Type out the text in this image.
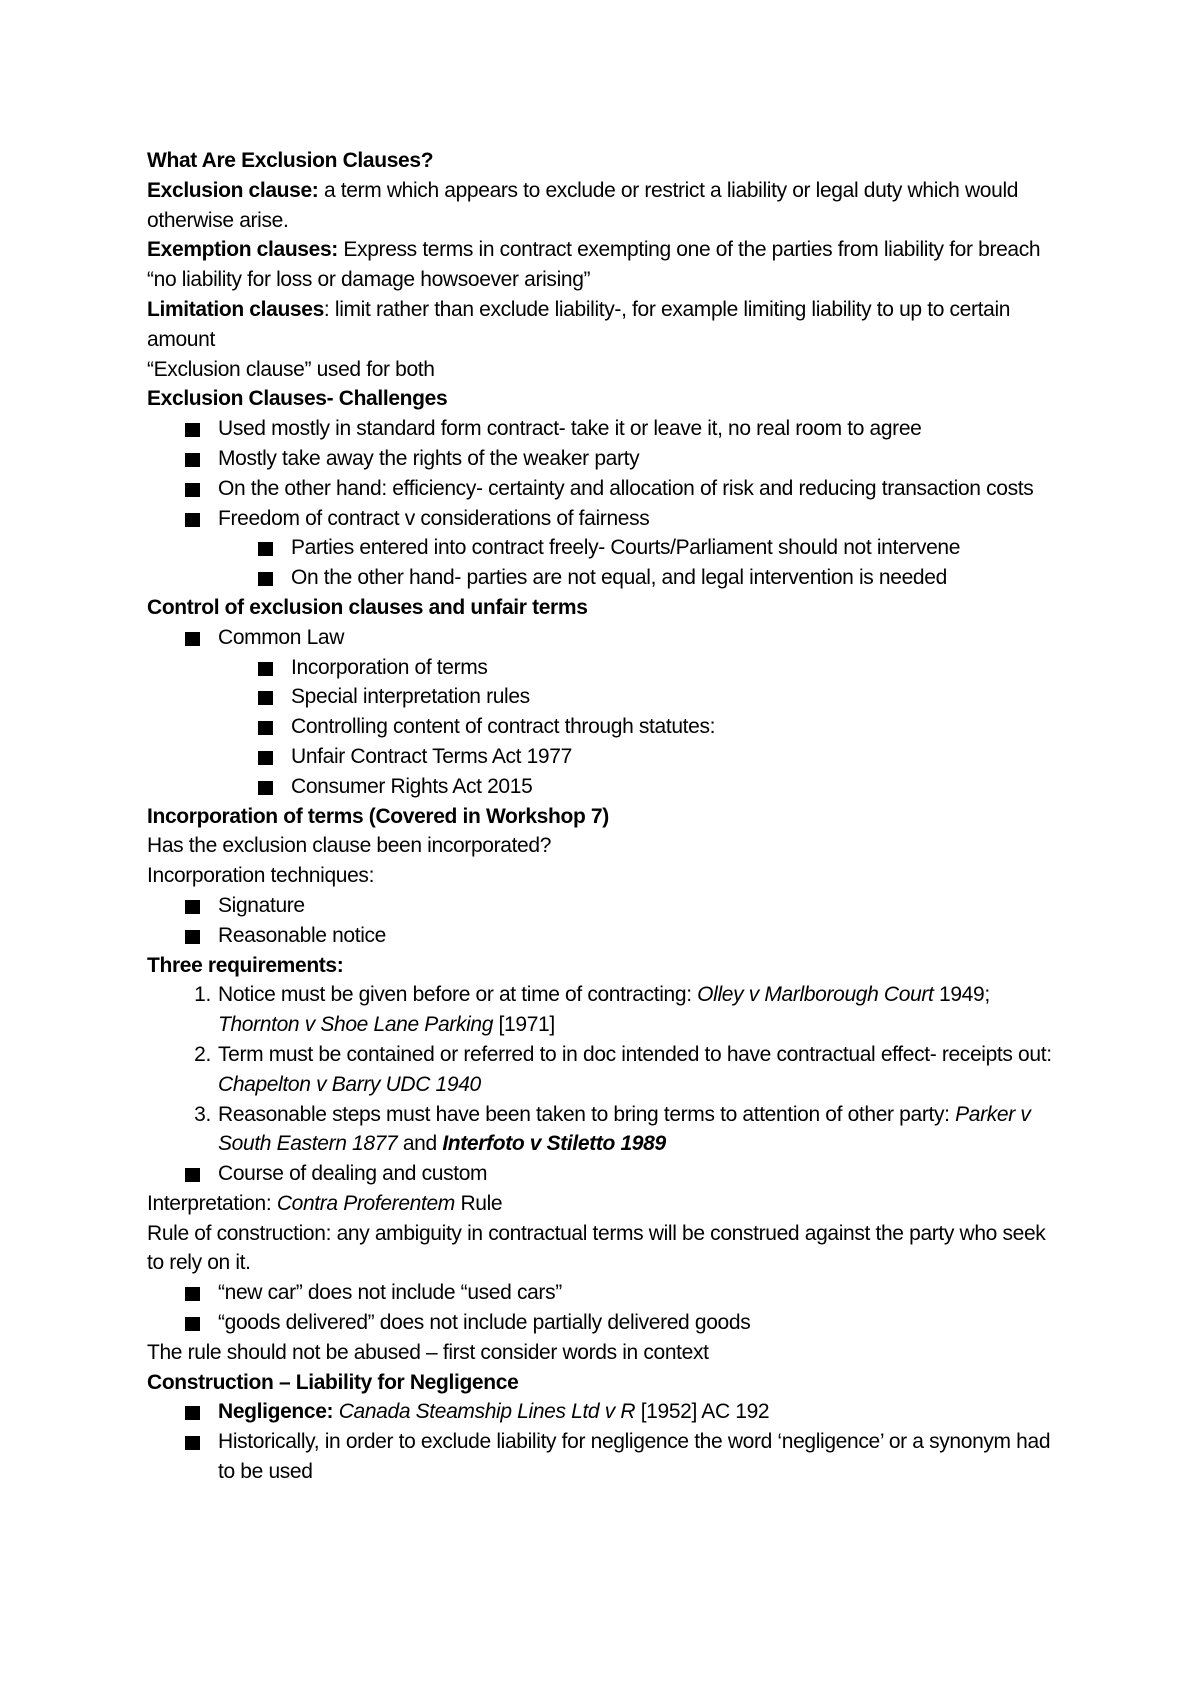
What Are Exclusion Clauses?

Exclusion clause: a term which appears to exclude or restrict a liability or legal duty which would otherwise arise.

Exemption clauses: Express terms in contract exempting one of the parties from liability for breach “no liability for loss or damage howsoever arising”

Limitation clauses: limit rather than exclude liability-, for example limiting liability to up to certain amount

“Exclusion clause” used for both

Exclusion Clauses- Challenges

Used mostly in standard form contract- take it or leave it, no real room to agree
Mostly take away the rights of the weaker party
On the other hand: efficiency- certainty and allocation of risk and reducing transaction costs
Freedom of contract v considerations of fairness
Parties entered into contract freely- Courts/Parliament should not intervene
On the other hand- parties are not equal, and legal intervention is needed

Control of exclusion clauses and unfair terms

Common Law
Incorporation of terms
Special interpretation rules
Controlling content of contract through statutes:
Unfair Contract Terms Act 1977
Consumer Rights Act 2015

Incorporation of terms (Covered in Workshop 7)

Has the exclusion clause been incorporated?

Incorporation techniques:

Signature
Reasonable notice

Three requirements:

1. Notice must be given before or at time of contracting: Olley v Marlborough Court 1949; Thornton v Shoe Lane Parking [1971]
2. Term must be contained or referred to in doc intended to have contractual effect- receipts out: Chapelton v Barry UDC 1940
3. Reasonable steps must have been taken to bring terms to attention of other party: Parker v South Eastern 1877 and Interfoto v Stiletto 1989
Course of dealing and custom

Interpretation: Contra Proferentem Rule

Rule of construction: any ambiguity in contractual terms will be construed against the party who seek to rely on it.

“new car” does not include “used cars”
“goods delivered” does not include partially delivered goods

The rule should not be abused – first consider words in context

Construction – Liability for Negligence

Negligence: Canada Steamship Lines Ltd v R [1952] AC 192
Historically, in order to exclude liability for negligence the word ‘negligence’ or a synonym had to be used
